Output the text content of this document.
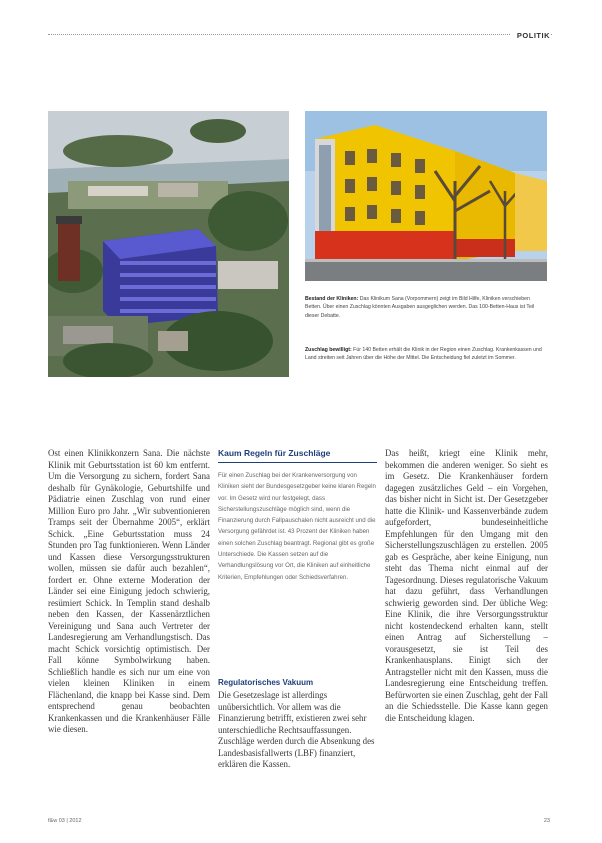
POLITIK

Bestand der Kliniken: Das Klinikum Sana (Vorpommern) zeigt im Bild Hilfe, Kliniken verschieben Betten. Über einen Zuschlag könnten Ausgaben ausgeglichen werden. Das 100-Betten-Haus ist Teil dieser Debatte.

Zuschlag bewilligt: Für 140 Betten erhält die Klinik in der Region einen Zuschlag. Krankenkassen und Land streiten seit Jahren über die Höhe der Mittel. Die Entscheidung fiel zuletzt im Sommer.

Ost einen Klinikkonzern Sana. Die nächste Klinik mit Geburtsstation ist 60 km entfernt. Um die Versorgung zu sichern, fordert Sana deshalb für Gynäkologie, Geburtshilfe und Pädiatrie einen Zuschlag von rund einer Million Euro pro Jahr. „Wir subventionieren Tramps seit der Übernahme 2005“, erklärt Schick. „Eine Geburtsstation muss 24 Stunden pro Tag funktionieren. Wenn Länder und Kassen diese Versorgungsstrukturen wollen, müssen sie dafür auch bezahlen“, fordert er. Ohne externe Moderation der Länder sei eine Einigung jedoch schwierig, resümiert Schick. In Templin stand deshalb neben den Kassen, der Kassenärztlichen Vereinigung und Sana auch Vertreter der Landesregierung am Verhandlungstisch. Das macht Schick vorsichtig optimistisch. Der Fall könne Symbolwirkung haben. Schließlich handle es sich nur um eine von vielen kleinen Kliniken in einem Flächenland, die knapp bei Kasse sind. Dem entsprechend genau beobachten Krankenkassen und die Krankenhäuser Fälle wie diesen.

Kaum Regeln für Zuschläge

Für einen Zuschlag bei der Krankenversorgung von Kliniken sieht der Bundesgesetzgeber keine klaren Regeln vor. Im Gesetz wird nur festgelegt, dass Sicherstellungszuschläge möglich sind, wenn die Finanzierung durch Fallpauschalen nicht ausreicht und die Versorgung gefährdet ist. 43 Prozent der Kliniken haben einen solchen Zuschlag beantragt. Regional gibt es große Unterschiede. Die Kassen setzen auf die Verhandlungslösung vor Ort, die Kliniken auf einheitliche Kriterien, Empfehlungen oder Schiedsverfahren.

Regulatorisches Vakuum

Die Gesetzeslage ist allerdings unübersichtlich. Vor allem was die Finanzierung betrifft, existieren zwei sehr unterschiedliche Rechtsauffassungen. Zuschläge werden durch die Absenkung des Landesbasisfallwerts (LBF) finanziert, erklären die Kassen.

Das heißt, kriegt eine Klinik mehr, bekommen die anderen weniger. So sieht es im Gesetz. Die Krankenhäuser fordern dagegen zusätzliches Geld – ein Vorgehen, das bisher nicht in Sicht ist. Der Gesetzgeber hatte die Klinik- und Kassenverbände zudem aufgefordert, bundeseinheitliche Empfehlungen für den Umgang mit den Sicherstellungszuschlägen zu erstellen. 2005 gab es Gespräche, aber keine Einigung, nun steht das Thema nicht einmal auf der Tagesordnung. Dieses regulatorische Vakuum hat dazu geführt, dass Verhandlungen schwierig geworden sind. Der übliche Weg: Eine Klinik, die ihre Versorgungsstruktur nicht kostendeckend erhalten kann, stellt einen Antrag auf Sicherstellung – vorausgesetzt, sie ist Teil des Krankenhausplans. Einigt sich der Antragsteller nicht mit den Kassen, muss die Landesregierung eine Entscheidung treffen. Befürworten sie einen Zuschlag, geht der Fall an die Schiedsstelle. Die Kasse kann gegen die Entscheidung klagen.

f&w 03 | 2012	23
